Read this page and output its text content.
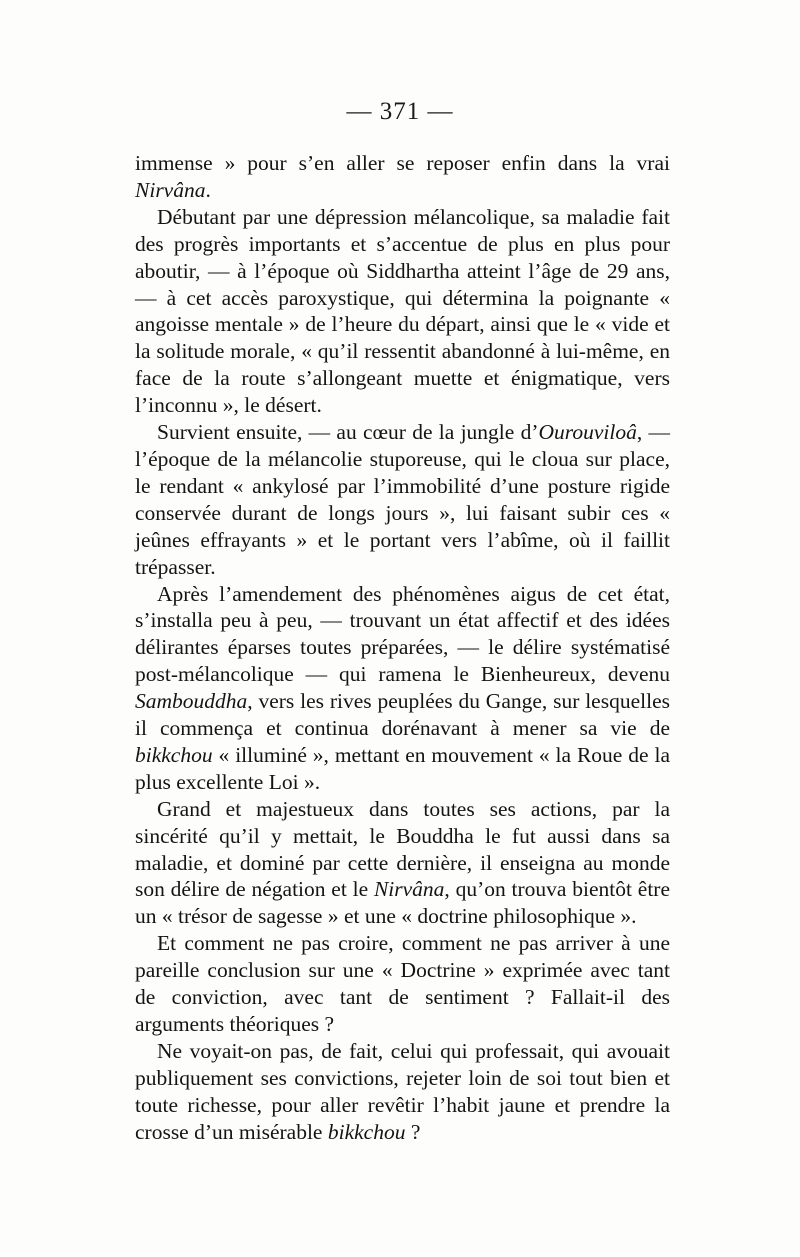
— 371 —

immense » pour s’en aller se reposer enfin dans la vrai Nirvâna.

Débutant par une dépression mélancolique, sa maladie fait des progrès importants et s’accentue de plus en plus pour aboutir, — à l’époque où Siddhartha atteint l’âge de 29 ans, — à cet accès paroxystique, qui détermina la poignante « angoisse mentale » de l’heure du départ, ainsi que le « vide et la solitude morale, « qu’il ressentit abandonné à lui-même, en face de la route s’allongeant muette et énigmatique, vers l’inconnu », le désert.

Survient ensuite, — au cœur de la jungle d’Ourouviloâ, — l’époque de la mélancolie stuporeuse, qui le cloua sur place, le rendant « ankylosé par l’immobilité d’une posture rigide conservée durant de longs jours », lui faisant subir ces « jeûnes effrayants » et le portant vers l’abîme, où il faillit trépasser.

Après l’amendement des phénomènes aigus de cet état, s’installa peu à peu, — trouvant un état affectif et des idées délirantes éparses toutes préparées, — le délire systématisé post-mélancolique — qui ramena le Bienheureux, devenu Sambouddha, vers les rives peuplées du Gange, sur lesquelles il commença et continua dorénavant à mener sa vie de bikkchou « illuminé », mettant en mouvement « la Roue de la plus excellente Loi ».

Grand et majestueux dans toutes ses actions, par la sincérité qu’il y mettait, le Bouddha le fut aussi dans sa maladie, et dominé par cette dernière, il enseigna au monde son délire de négation et le Nirvâna, qu’on trouva bientôt être un « trésor de sagesse » et une « doctrine philosophique ».

Et comment ne pas croire, comment ne pas arriver à une pareille conclusion sur une « Doctrine » exprimée avec tant de conviction, avec tant de sentiment ? Fallait-il des arguments théoriques ?

Ne voyait-on pas, de fait, celui qui professait, qui avouait publiquement ses convictions, rejeter loin de soi tout bien et toute richesse, pour aller revêtir l’habit jaune et prendre la crosse d’un misérable bikkchou ?
